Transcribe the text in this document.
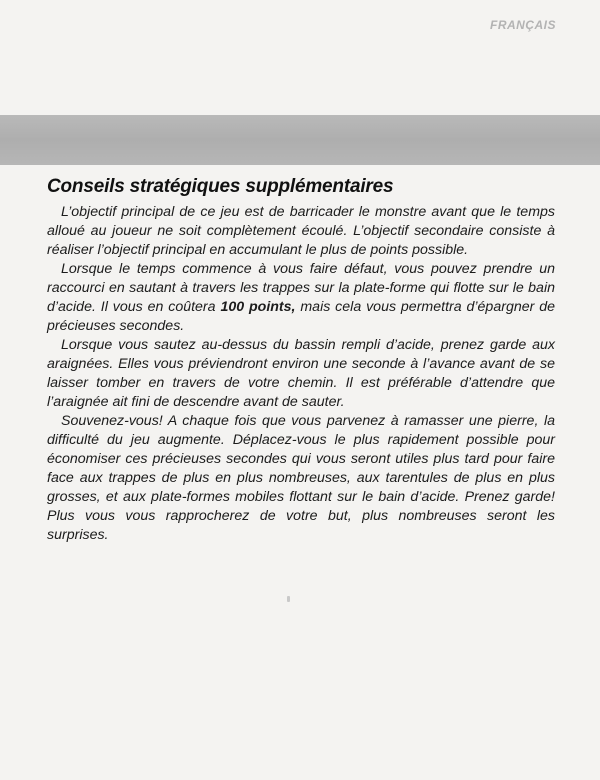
FRANÇAIS
Conseils stratégiques supplémentaires

L’objectif principal de ce jeu est de barricader le monstre avant que le temps alloué au joueur ne soit complètement écoulé. L’objectif secondaire consiste à réaliser l’objectif principal en accumulant le plus de points possible.

Lorsque le temps commence à vous faire défaut, vous pouvez prendre un raccourci en sautant à travers les trappes sur la plate-forme qui flotte sur le bain d’acide. Il vous en coûtera 100 points, mais cela vous permettra d’épargner de précieuses secondes.

Lorsque vous sautez au-dessus du bassin rempli d’acide, prenez garde aux araignées. Elles vous préviendront environ une seconde à l’avance avant de se laisser tomber en travers de votre chemin. Il est préférable d’attendre que l’araignée ait fini de descendre avant de sauter.

Souvenez-vous! A chaque fois que vous parvenez à ramasser une pierre, la difficulté du jeu augmente. Déplacez-vous le plus rapidement possible pour économiser ces précieuses secondes qui vous seront utiles plus tard pour faire face aux trappes de plus en plus nombreuses, aux tarentules de plus en plus grosses, et aux plate-formes mobiles flottant sur le bain d’acide. Prenez garde! Plus vous vous rapprocherez de votre but, plus nombreuses seront les surprises.
